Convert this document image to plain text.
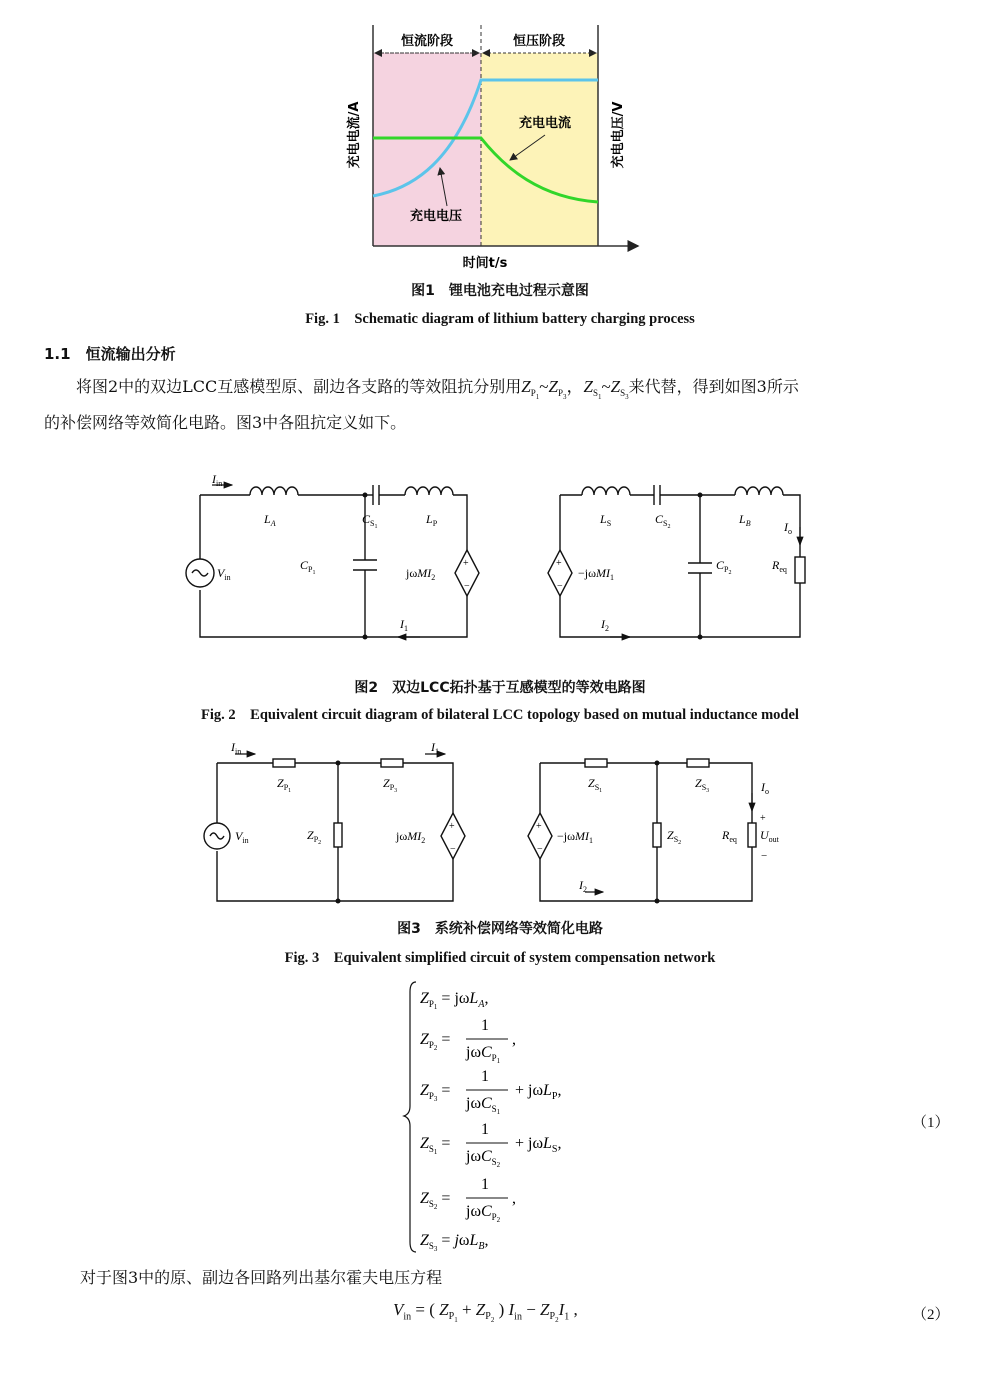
恒流阶段	恒压阶段
充电电流
充电电压
充电电流/A	充电电压/V
时间t/s
图1　锂电池充电过程示意图
Fig. 1　Schematic diagram of lithium battery charging process
1.1  恒流输出分析
将图2中的双边LCC互感模型原、副边各支路的等效阻抗分别用$Z_{P_1}\sim Z_{P_3}$，$Z_{S_1}\sim Z_{S_3}$来代替，得到如图3所示
的补偿网络等效简化电路。图3中各阻抗定义如下。
$I_{in}$
$L_A$	$C_{S_1}$
$L_P$
$C_{P_1}$
$V_{in}$	jωMI$_2$
$I_1$
+
−
+
−
−jωMI$_1$
$L_S$	$C_{S_2}$
$L_B$
$C_{P_2}$
$I_o$
$R_{eq}$
$I_2$
图2　双边LCC拓扑基于互感模型的等效电路图
Fig. 2　Equivalent circuit diagram of bilateral LCC topology based on mutual inductance model
$I_{in}$	$I_1$
$Z_{P_1}$
$Z_{P_3}$
$Z_{P_2}$
$V_{in}$	jωMI$_2$
+
−
+
−
−jωMI$_1$
$Z_{S_1}$
$Z_{S_3}$
$Z_{S_2}$
$R_{eq}$
$I_o$
+
$U_{out}$
−
$I_2$
图3　系统补偿网络等效简化电路
Fig. 3　Equivalent simplified circuit of system compensation network
$Z_P1 = j\omega L_A$,
$Z_P2$ =
1
jωC$_P$1
,
$Z_P3$ =
1
jωC$_S$1
+ jωL$_P$,
$Z_S1$ =
1
jωC$_S$2
+ jωL$_S$,
$Z_S2$ =
1
jωC$_P$2
,
$Z_S3 = j\omega L_B$,
（1）
对于图3中的原、副边各回路列出基尔霍夫电压方程
$V_{in}$ = ( $Z_{P_1} + Z_{P_2}$ ) $I_{in} - Z_{P_2}I_1$ ,	（2）
